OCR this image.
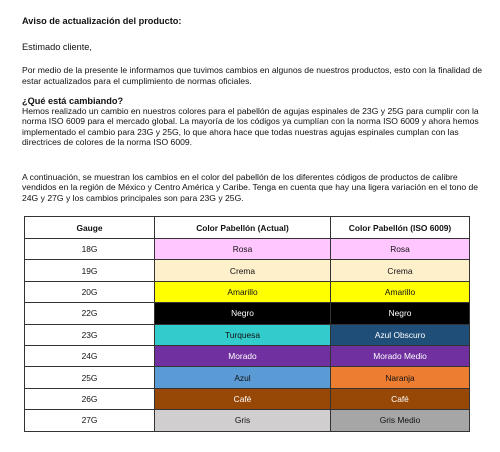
Aviso de actualización del producto:
Estimado cliente,
Por medio de la presente le informamos que tuvimos cambios en algunos de nuestros productos, esto con la finalidad de estar actualizados para el cumplimiento de normas oficiales.
¿Qué está cambiando?
Hemos realizado un cambio en nuestros colores para el pabellón de agujas espinales de 23G y 25G para cumplir con la norma ISO 6009 para el mercado global. La mayoría de los códigos ya cumplían con la norma ISO 6009 y ahora hemos implementado el cambio para 23G y 25G, lo que ahora hace que todas nuestras agujas espinales cumplan con las directrices de colores de la norma ISO 6009.
A continuación, se muestran los cambios en el color del pabellón de los diferentes códigos de productos de calibre vendidos en la región de México y Centro América y Caribe. Tenga en cuenta que hay una ligera variación en el tono de 24G y 27G y los cambios principales son para 23G y 25G.
Gauge	Color Pabellón (Actual)	Color Pabellón (ISO 6009)
18G	Rosa	Rosa
19G	Crema	Crema
20G	Amarillo	Amarillo
22G	Negro	Negro
23G	Turquesa	Azul Obscuro
24G	Morado	Morado Medio
25G	Azul	Naranja
26G	Café	Café
27G	Gris	Gris Medio
